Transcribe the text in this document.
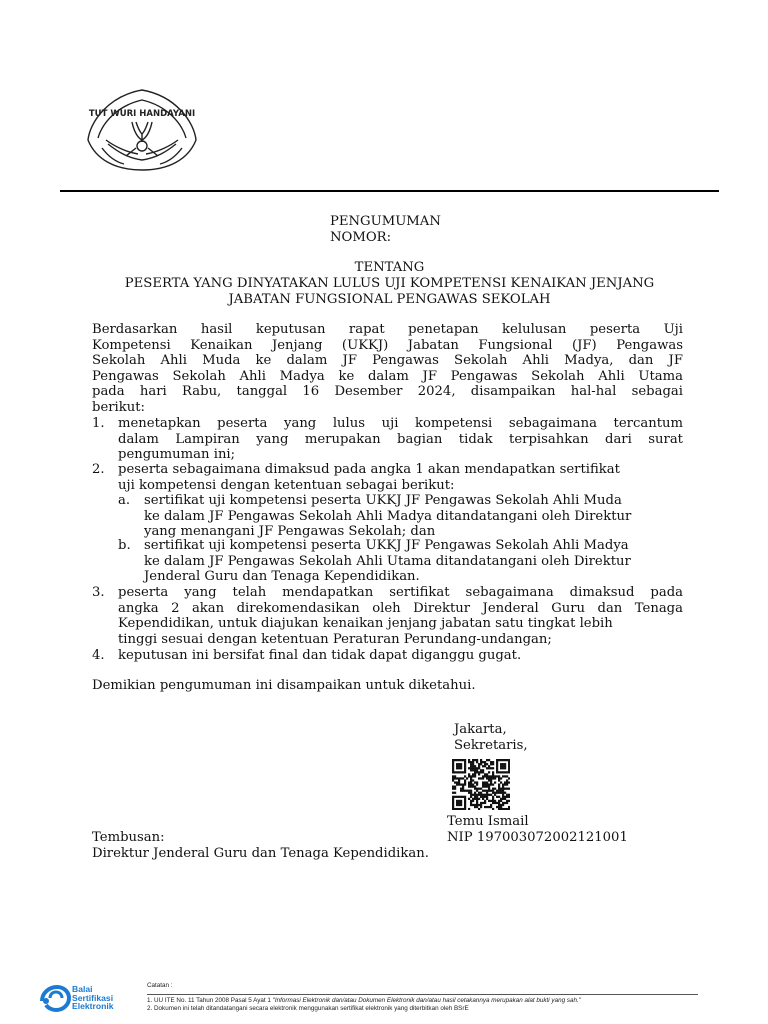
TUT WURI HANDAYANI
PENGUMUMAN
NOMOR:
TENTANG
PESERTA YANG DINYATAKAN LULUS UJI KOMPETENSI KENAIKAN JENJANG
JABATAN FUNGSIONAL PENGAWAS SEKOLAH
Berdasarkan hasil keputusan rapat penetapan kelulusan peserta Uji
Kompetensi Kenaikan Jenjang (UKKJ) Jabatan Fungsional (JF) Pengawas
Sekolah Ahli Muda ke dalam JF Pengawas Sekolah Ahli Madya, dan JF
Pengawas Sekolah Ahli Madya ke dalam JF Pengawas Sekolah Ahli Utama
pada hari Rabu, tanggal 16 Desember 2024, disampaikan hal-hal sebagai
berikut:
1. menetapkan peserta yang lulus uji kompetensi sebagaimana tercantum
dalam Lampiran yang merupakan bagian tidak terpisahkan dari surat
pengumuman ini;
2. peserta sebagaimana dimaksud pada angka 1 akan mendapatkan sertifikat
uji kompetensi dengan ketentuan sebagai berikut:
a. sertifikat uji kompetensi peserta UKKJ JF Pengawas Sekolah Ahli Muda
ke dalam JF Pengawas Sekolah Ahli Madya ditandatangani oleh Direktur
yang menangani JF Pengawas Sekolah; dan
b. sertifikat uji kompetensi peserta UKKJ JF Pengawas Sekolah Ahli Madya
ke dalam JF Pengawas Sekolah Ahli Utama ditandatangani oleh Direktur
Jenderal Guru dan Tenaga Kependidikan.
3. peserta yang telah mendapatkan sertifikat sebagaimana dimaksud pada
angka 2 akan direkomendasikan oleh Direktur Jenderal Guru dan Tenaga
Kependidikan, untuk diajukan kenaikan jenjang jabatan satu tingkat lebih
tinggi sesuai dengan ketentuan Peraturan Perundang-undangan;
4. keputusan ini bersifat final dan tidak dapat diganggu gugat.
Demikian pengumuman ini disampaikan untuk diketahui.
Jakarta,
Sekretaris,
Temu Ismail
Tembusan:	NIP 197003072002121001
Direktur Jenderal Guru dan Tenaga Kependidikan.
Balai
Sertifikasi
Elektronik
Catatan :
1. UU ITE No. 11 Tahun 2008 Pasal 5 Ayat 1 "Informasi Elektronik dan/atau Dokumen Elektronik dan/atau hasil cetakannya merupakan alat bukti yang sah."
2. Dokumen ini telah ditandatangani secara elektronik menggunakan sertifikat elektronik yang diterbitkan oleh BSrE
